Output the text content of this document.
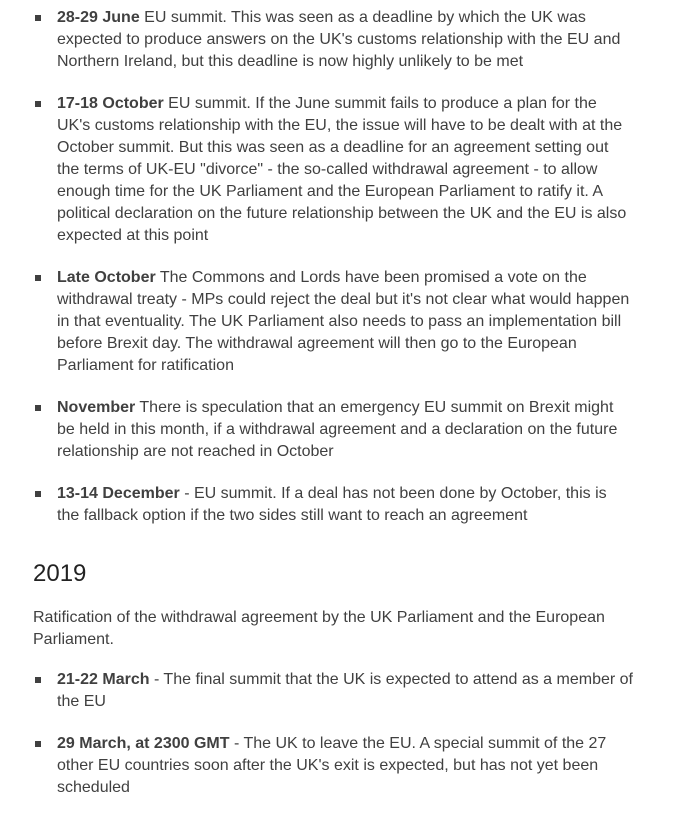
28-29 June EU summit. This was seen as a deadline by which the UK was expected to produce answers on the UK's customs relationship with the EU and Northern Ireland, but this deadline is now highly unlikely to be met
17-18 October EU summit. If the June summit fails to produce a plan for the UK's customs relationship with the EU, the issue will have to be dealt with at the October summit. But this was seen as a deadline for an agreement setting out the terms of UK-EU "divorce" - the so-called withdrawal agreement - to allow enough time for the UK Parliament and the European Parliament to ratify it. A political declaration on the future relationship between the UK and the EU is also expected at this point
Late October The Commons and Lords have been promised a vote on the withdrawal treaty - MPs could reject the deal but it's not clear what would happen in that eventuality. The UK Parliament also needs to pass an implementation bill before Brexit day. The withdrawal agreement will then go to the European Parliament for ratification
November There is speculation that an emergency EU summit on Brexit might be held in this month, if a withdrawal agreement and a declaration on the future relationship are not reached in October
13-14 December - EU summit. If a deal has not been done by October, this is the fallback option if the two sides still want to reach an agreement
2019

Ratification of the withdrawal agreement by the UK Parliament and the European Parliament.

21-22 March - The final summit that the UK is expected to attend as a member of the EU
29 March, at 2300 GMT - The UK to leave the EU. A special summit of the 27 other EU countries soon after the UK's exit is expected, but has not yet been scheduled
